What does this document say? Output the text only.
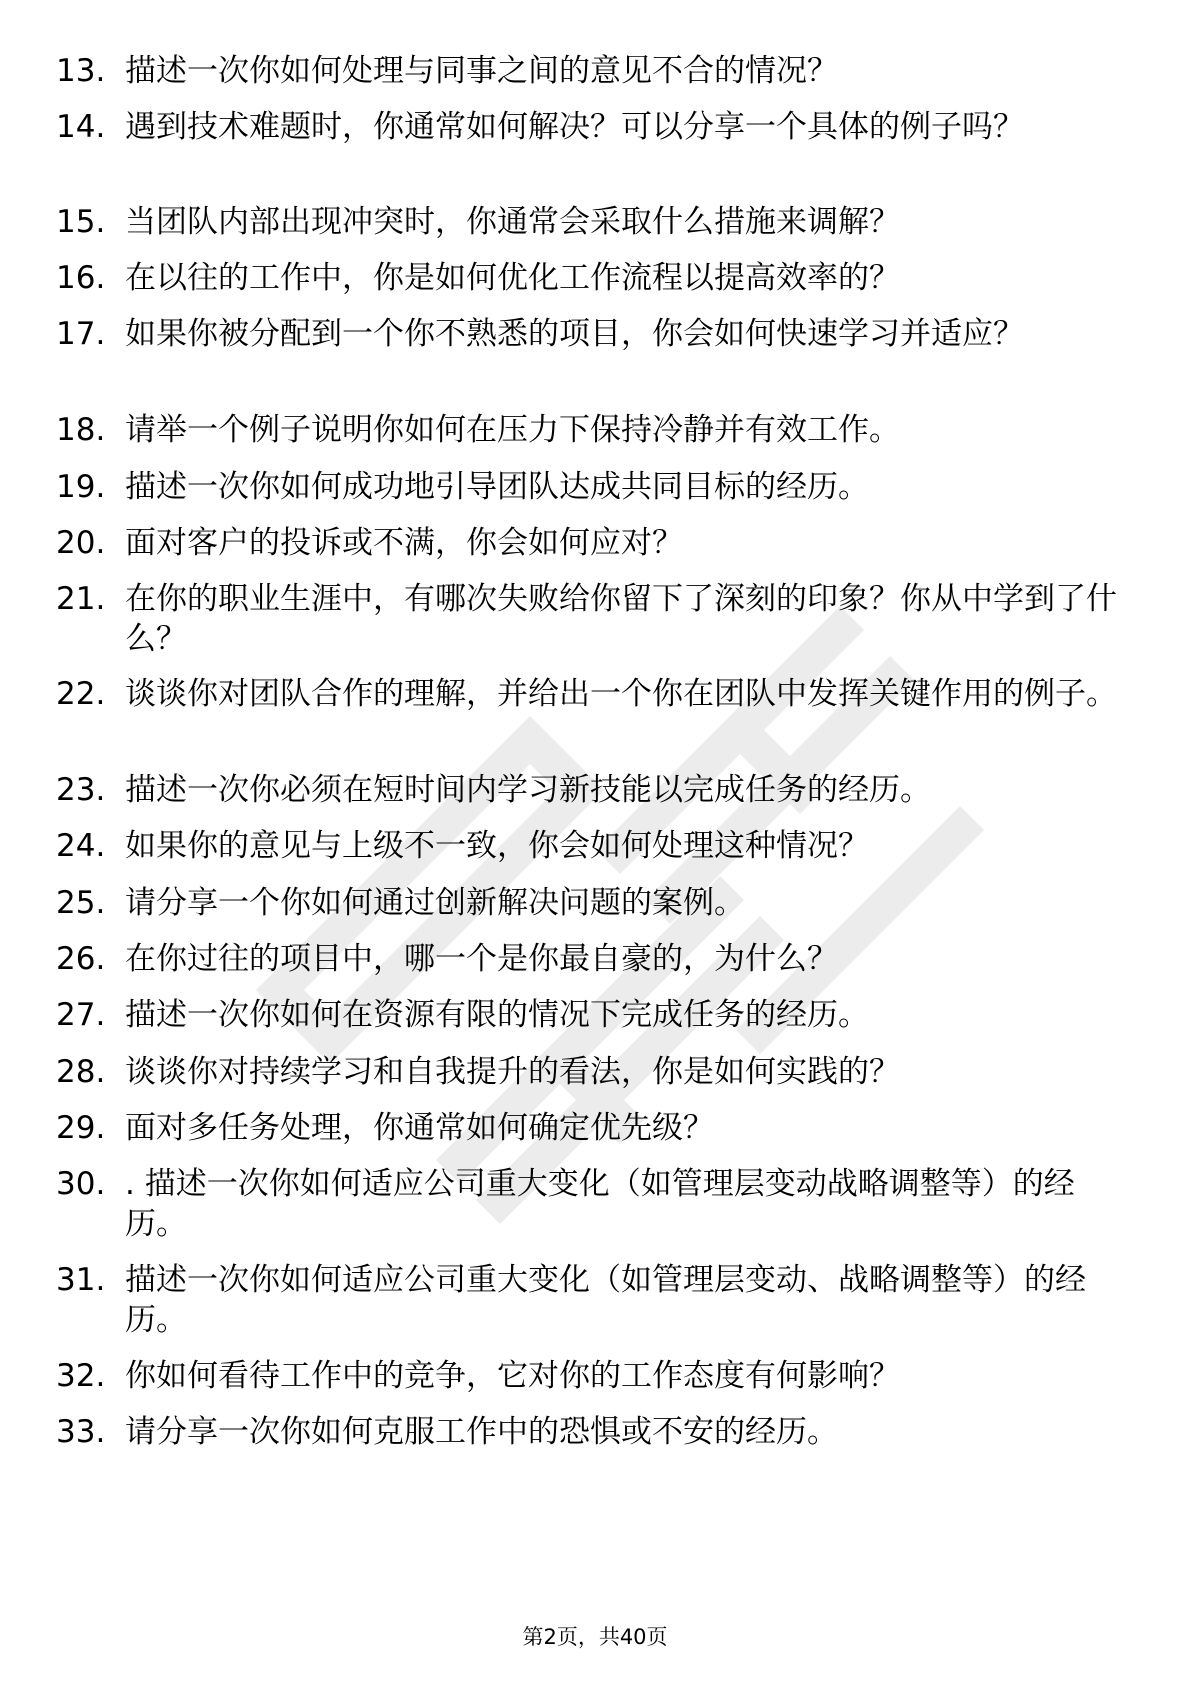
13. 描述一次你如何处理与同事之间的意见不合的情况？
14. 遇到技术难题时，你通常如何解决？可以分享一个具体的例子吗？
15. 当团队内部出现冲突时，你通常会采取什么措施来调解？
16. 在以往的工作中，你是如何优化工作流程以提高效率的？
17. 如果你被分配到一个你不熟悉的项目，你会如何快速学习并适应？
18. 请举一个例子说明你如何在压力下保持冷静并有效工作。
19. 描述一次你如何成功地引导团队达成共同目标的经历。
20. 面对客户的投诉或不满，你会如何应对？
21. 在你的职业生涯中，有哪次失败给你留下了深刻的印象？你从中学到了什么？
22. 谈谈你对团队合作的理解，并给出一个你在团队中发挥关键作用的例子。
23. 描述一次你必须在短时间内学习新技能以完成任务的经历。
24. 如果你的意见与上级不一致，你会如何处理这种情况？
25. 请分享一个你如何通过创新解决问题的案例。
26. 在你过往的项目中，哪一个是你最自豪的，为什么？
27. 描述一次你如何在资源有限的情况下完成任务的经历。
28. 谈谈你对持续学习和自我提升的看法，你是如何实践的？
29. 面对多任务处理，你通常如何确定优先级？
30. . 描述一次你如何适应公司重大变化（如管理层变动战略调整等）的经历。
31. 描述一次你如何适应公司重大变化（如管理层变动、战略调整等）的经历。
32. 你如何看待工作中的竞争，它对你的工作态度有何影响？
33. 请分享一次你如何克服工作中的恐惧或不安的经历。
第2页，共40页
